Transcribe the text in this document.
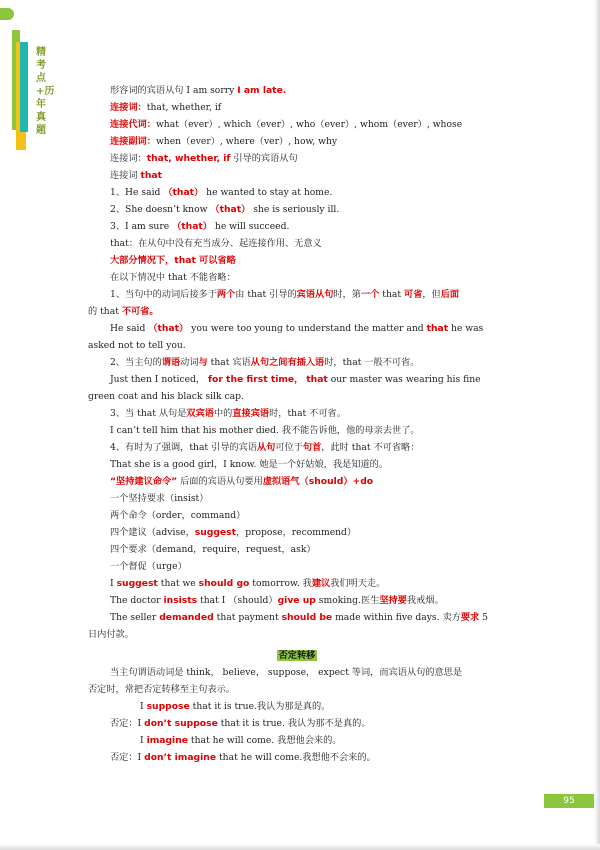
精考点+历年真题
形容词的宾语从句 I am sorry I am late.
连接词：that, whether, if
连接代词：what（ever）, which（ever）, who（ever）, whom（ever）, whose
连接副词：when（ever）, where（ver）, how, why
连接词：that, whether, if 引导的宾语从句
连接词 that
1、He said （that） he wanted to stay at home.
2、She doesn’t know （that） she is seriously ill.
3、I am sure （that） he will succeed.
that：在从句中没有充当成分、起连接作用、无意义
大部分情况下，that 可以省略
在以下情况中 that 不能省略：
1、当句中的动词后接多于两个由 that 引导的宾语从句时，第一个 that 可省，但后面
的 that 不可省。
He said （that） you were too young to understand the matter and that he was
asked not to tell you.
2、当主句的谓语动词与 that 宾语从句之间有插入语时，that 一般不可省。
Just then I noticed， for the first time， that our master was wearing his fine
green coat and his black silk cap.
3、当 that 从句是双宾语中的直接宾语时，that 不可省。
I can’t tell him that his mother died. 我不能告诉他，他的母亲去世了。
4、有时为了强调，that 引导的宾语从句可位于句首，此时 that 不可省略：
That she is a good girl，I know. 她是一个好姑娘，我是知道的。
“坚持建议命令” 后面的宾语从句要用虚拟语气（should）+do
一个坚持要求（insist）
两个命令（order，command）
四个建议（advise，suggest，propose，recommend）
四个要求（demand，require，request，ask）
一个督促（urge）
I suggest that we should go tomorrow. 我建议我们明天走。
The doctor insists that I （should）give up smoking.医生坚持要我戒烟。
The seller demanded that payment should be made within five days. 卖方要求 5
日内付款。
否定转移
当主句谓语动词是 think， believe， suppose， expect 等词，而宾语从句的意思是
否定时，常把否定转移至主句表示。
I suppose that it is true.我认为那是真的。
否定：I don’t suppose that it is true. 我认为那不是真的。
I imagine that he will come. 我想他会来的。
否定：I don’t imagine that he will come.我想他不会来的。
95
